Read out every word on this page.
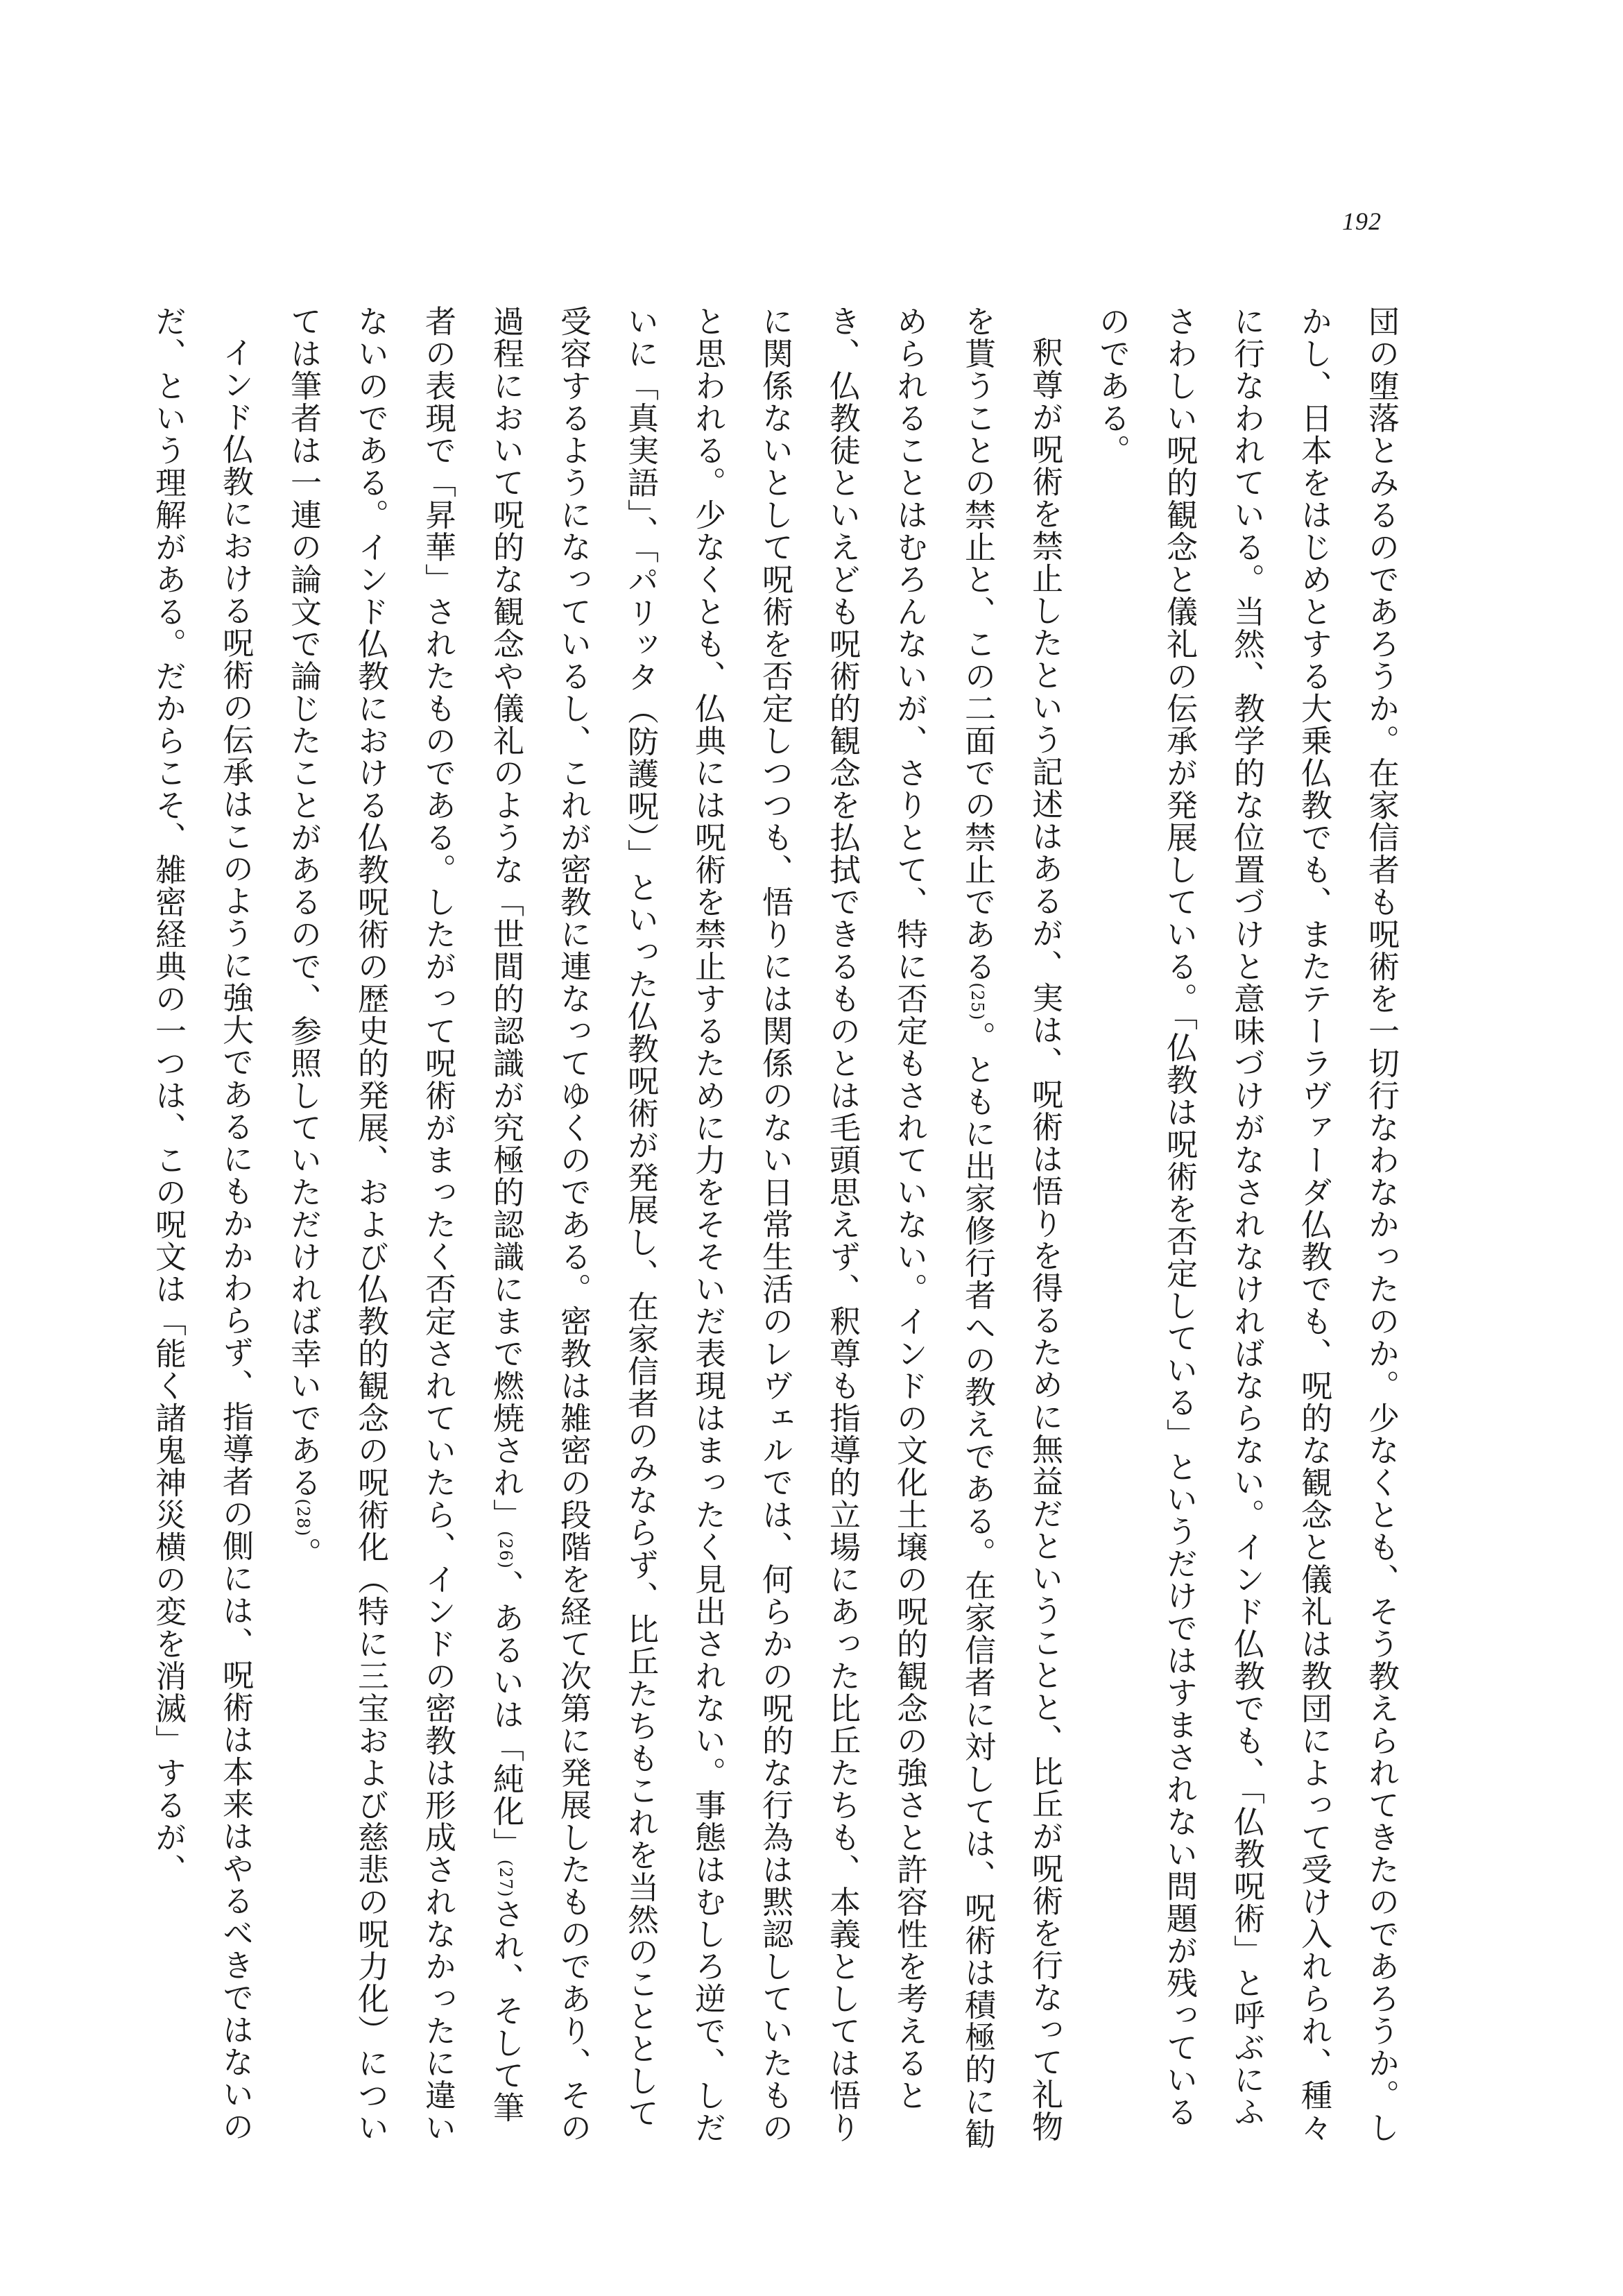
192

団の堕落とみるのであろうか。在家信者も呪術を一切行なわなかったのか。少なくとも、そう教えられてきたのであろうか。しかし、日本をはじめとする大乗仏教でも、またテーラヴァーダ仏教でも、呪的な観念と儀礼は教団によって受け入れられ、種々に行なわれている。当然、教学的な位置づけと意味づけがなされなければならない。インド仏教でも、「仏教呪術」と呼ぶにふさわしい呪的観念と儀礼の伝承が発展している。「仏教は呪術を否定している」というだけではすまされない問題が残っているのである。

釈尊が呪術を禁止したという記述はあるが、実は、呪術は悟りを得るために無益だということと、比丘が呪術を行なって礼物を貰うことの禁止と、この二面での禁止である(25)。ともに出家修行者への教えである。在家信者に対しては、呪術は積極的に勧められることはむろんないが、さりとて、特に否定もされていない。インドの文化土壌の呪的観念の強さと許容性を考えるとき、仏教徒といえども呪術的観念を払拭できるものとは毛頭思えず、釈尊も指導的立場にあった比丘たちも、本義としては悟りに関係ないとして呪術を否定しつつも、悟りには関係のない日常生活のレヴェルでは、何らかの呪的な行為は黙認していたものと思われる。少なくとも、仏典には呪術を禁止するために力をそそいだ表現はまったく見出されない。事態はむしろ逆で、しだいに「真実語」、「パリッタ（防護呪）」といった仏教呪術が発展し、在家信者のみならず、比丘たちもこれを当然のこととして受容するようになっているし、これが密教に連なってゆくのである。密教は雑密の段階を経て次第に発展したものであり、その過程において呪的な観念や儀礼のような「世間的認識が究極的認識にまで燃焼され」(26)、あるいは「純化」(27)され、そして筆者の表現で「昇華」されたものである。したがって呪術がまったく否定されていたら、インドの密教は形成されなかったに違いないのである。インド仏教における仏教呪術の歴史的発展、および仏教的観念の呪術化（特に三宝および慈悲の呪力化）については筆者は一連の論文で論じたことがあるので、参照していただければ幸いである(28)。

インド仏教における呪術の伝承はこのように強大であるにもかかわらず、指導者の側には、呪術は本来はやるべきではないのだ、という理解がある。だからこそ、雑密経典の一つは、この呪文は「能く諸鬼神災横の変を消滅」するが、
